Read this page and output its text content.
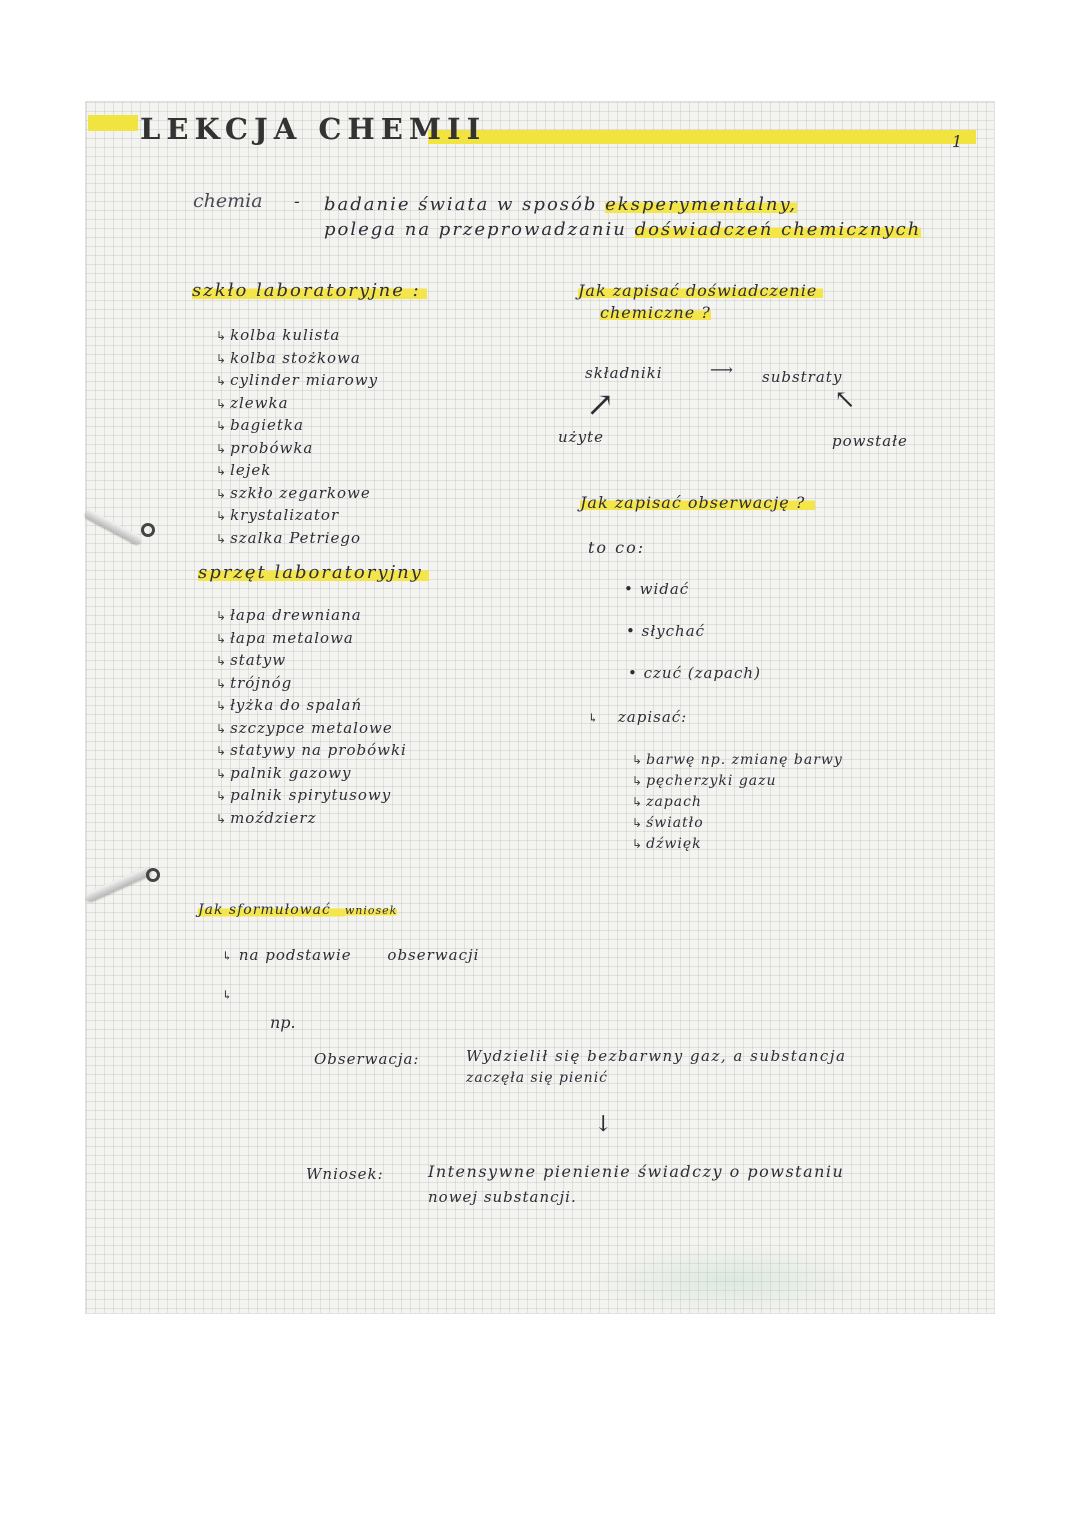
LEKCJA CHEMII	1
chemia - badanie świata w sposób eksperymentalny,
polega na przeprowadzaniu doświadczeń chemicznych
szkło laboratoryjne :
↳ kolba kulista
↳ kolba stożkowa
↳ cylinder miarowy
↳ zlewka
↳ bagietka
↳ probówka
↳ lejek
↳ szkło zegarkowe
↳ krystalizator
↳ szalka Petriego
sprzęt laboratoryjny
↳ łapa drewniana
↳ łapa metalowa
↳ statyw
↳ trójnóg
↳ łyżka do spalań
↳ szczypce metalowe
↳ statywy na probówki
↳ palnik gazowy
↳ palnik spirytusowy
↳ moździerz
Jak zapisać doświadczenie
chemiczne ?
składniki	⟶ substraty
↗	↖
użyte	powstałe
Jak zapisać obserwację ?
to co:
• widać
• słychać
• czuć (zapach)
↳ zapisać:
↳ barwę np. zmianę barwy
↳ pęcherzyki gazu
↳ zapach
↳ światło
↳ dźwięk
Jak sformułować wniosek
↳ na podstawie obserwacji
↳
np.
Obserwacja:	Wydzielił się bezbarwny gaz, a substancja
zaczęła się pienić
↓
Wniosek:	Intensywne pienienie świadczy o powstaniu
nowej substancji.
